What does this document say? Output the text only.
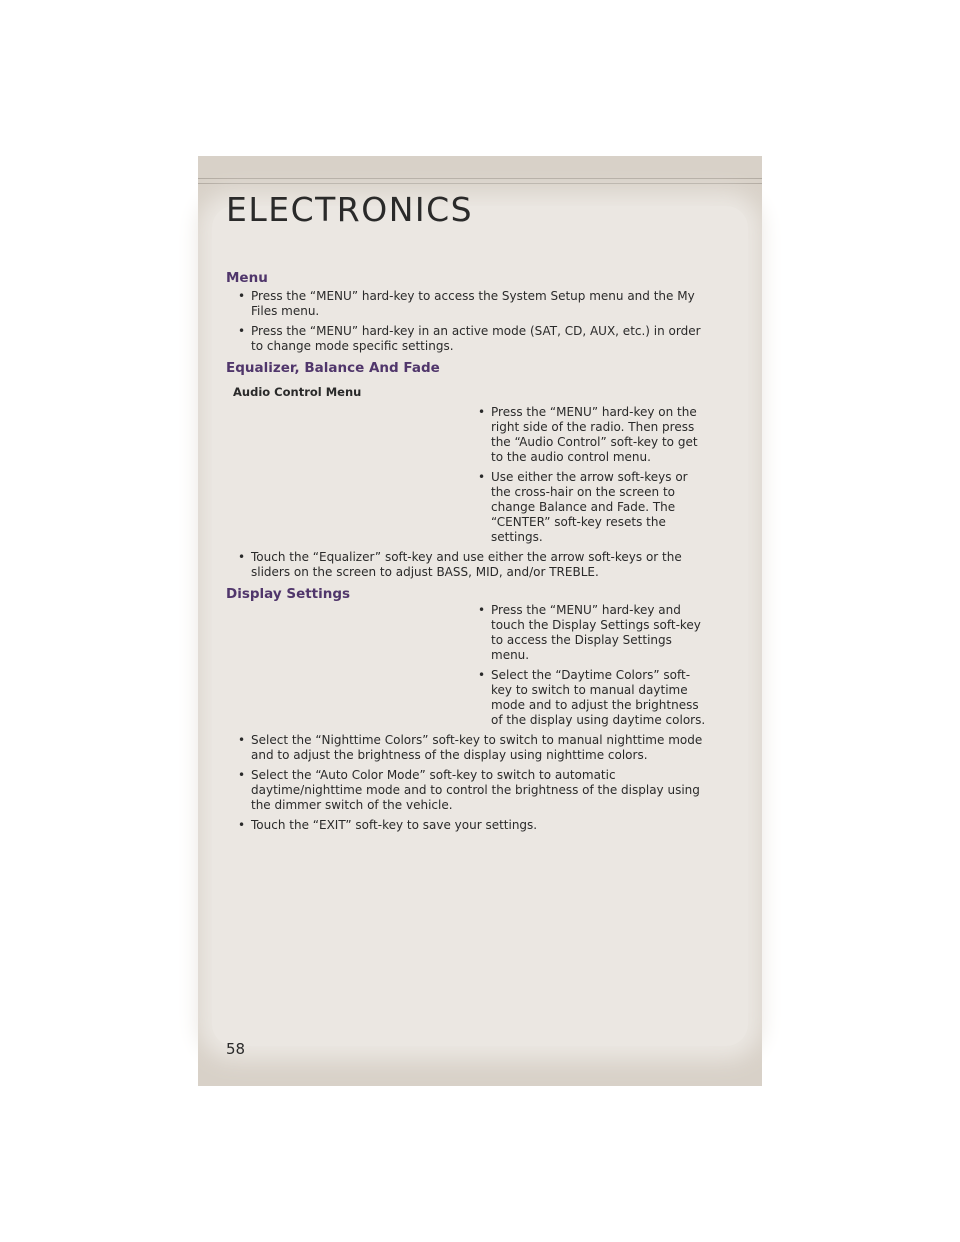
ELECTRONICS
Menu
• Press the “MENU” hard-key to access the System Setup menu and the My Files menu.
• Press the “MENU” hard-key in an active mode (SAT, CD, AUX, etc.) in order to change mode specific settings.
Equalizer, Balance And Fade
Audio Control Menu
• Press the “MENU” hard-key on the right side of the radio. Then press the “Audio Control” soft-key to get to the audio control menu.
• Use either the arrow soft-keys or the cross-hair on the screen to change Balance and Fade. The “CENTER” soft-key resets the settings.
• Touch the “Equalizer” soft-key and use either the arrow soft-keys or the sliders on the screen to adjust BASS, MID, and/or TREBLE.
Display Settings
• Press the “MENU” hard-key and touch the Display Settings soft-key to access the Display Settings menu.
• Select the “Daytime Colors” soft-key to switch to manual daytime mode and to adjust the brightness of the display using daytime colors.
• Select the “Nighttime Colors” soft-key to switch to manual nighttime mode and to adjust the brightness of the display using nighttime colors.
• Select the “Auto Color Mode” soft-key to switch to automatic daytime/nighttime mode and to control the brightness of the display using the dimmer switch of the vehicle.
• Touch the “EXIT” soft-key to save your settings.
58
